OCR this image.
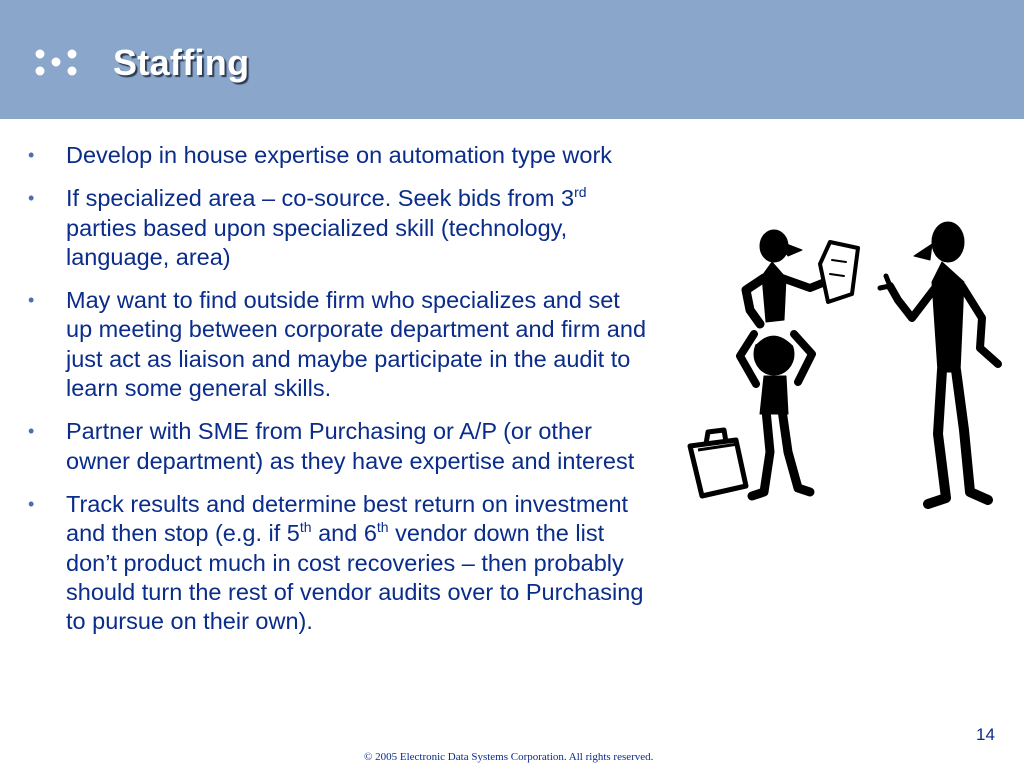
Staffing
• Develop in house expertise on automation type work
• If specialized area – co-source. Seek bids from 3rd parties based upon specialized skill (technology, language, area)
• May want to find outside firm who specializes and set up meeting between corporate department and firm and just act as liaison and maybe participate in the audit to learn some general skills.
• Partner with SME from Purchasing or A/P (or other owner department) as they have expertise and interest
• Track results and determine best return on investment and then stop (e.g. if 5th and 6th vendor down the list don’t product much in cost recoveries – then probably should turn the rest of vendor audits over to Purchasing to pursue on their own).
14
© 2005 Electronic Data Systems Corporation. All rights reserved.
